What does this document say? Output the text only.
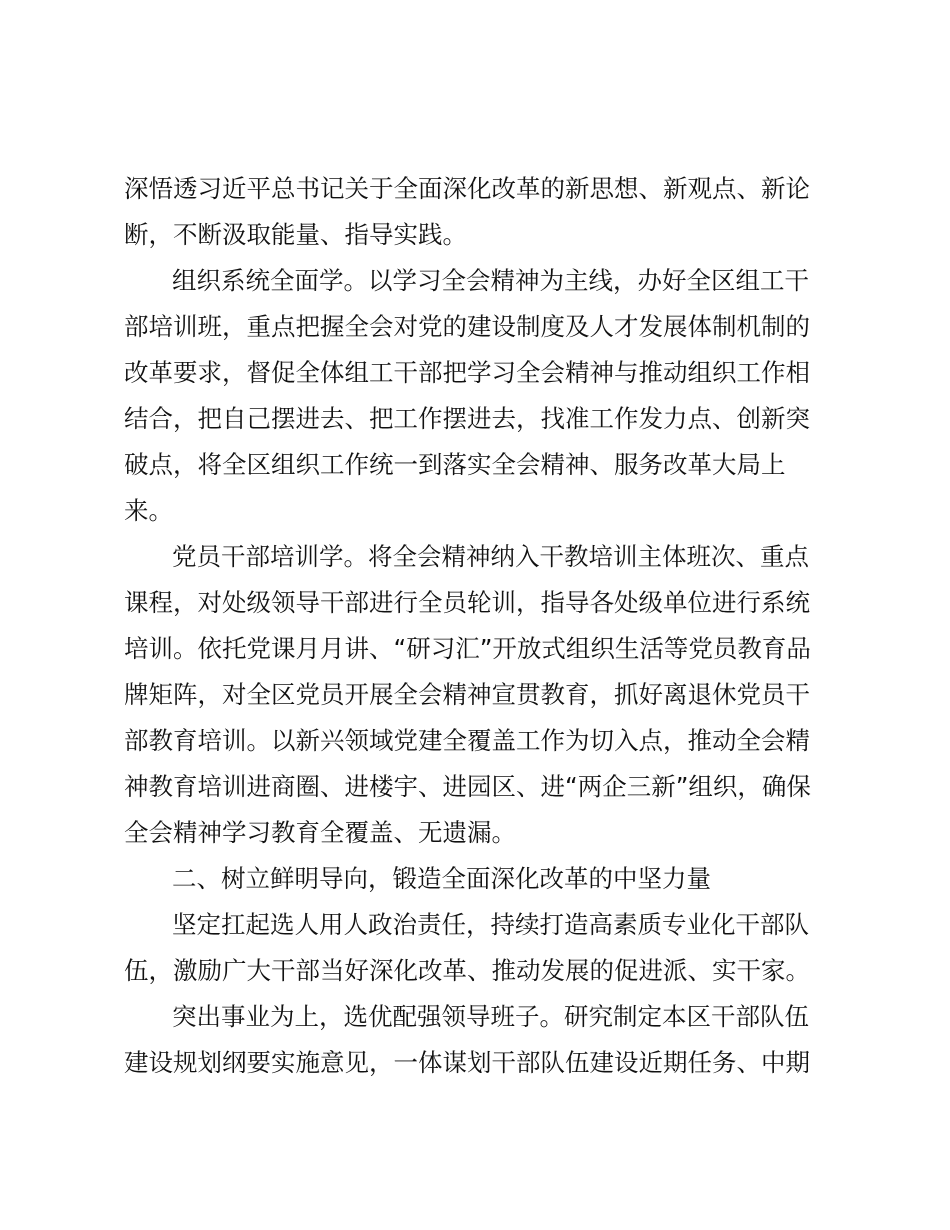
深悟透习近平总书记关于全面深化改革的新思想、新观点、新论
断，不断汲取能量、指导实践。
组织系统全面学。以学习全会精神为主线，办好全区组工干
部培训班，重点把握全会对党的建设制度及人才发展体制机制的
改革要求，督促全体组工干部把学习全会精神与推动组织工作相
结合，把自己摆进去、把工作摆进去，找准工作发力点、创新突
破点，将全区组织工作统一到落实全会精神、服务改革大局上
来。
党员干部培训学。将全会精神纳入干教培训主体班次、重点
课程，对处级领导干部进行全员轮训，指导各处级单位进行系统
培训。依托党课月月讲、“研习汇”开放式组织生活等党员教育品
牌矩阵，对全区党员开展全会精神宣贯教育，抓好离退休党员干
部教育培训。以新兴领域党建全覆盖工作为切入点，推动全会精
神教育培训进商圈、进楼宇、进园区、进“两企三新”组织，确保
全会精神学习教育全覆盖、无遗漏。
二、树立鲜明导向，锻造全面深化改革的中坚力量
坚定扛起选人用人政治责任，持续打造高素质专业化干部队
伍，激励广大干部当好深化改革、推动发展的促进派、实干家。
突出事业为上，选优配强领导班子。研究制定本区干部队伍
建设规划纲要实施意见，一体谋划干部队伍建设近期任务、中期
